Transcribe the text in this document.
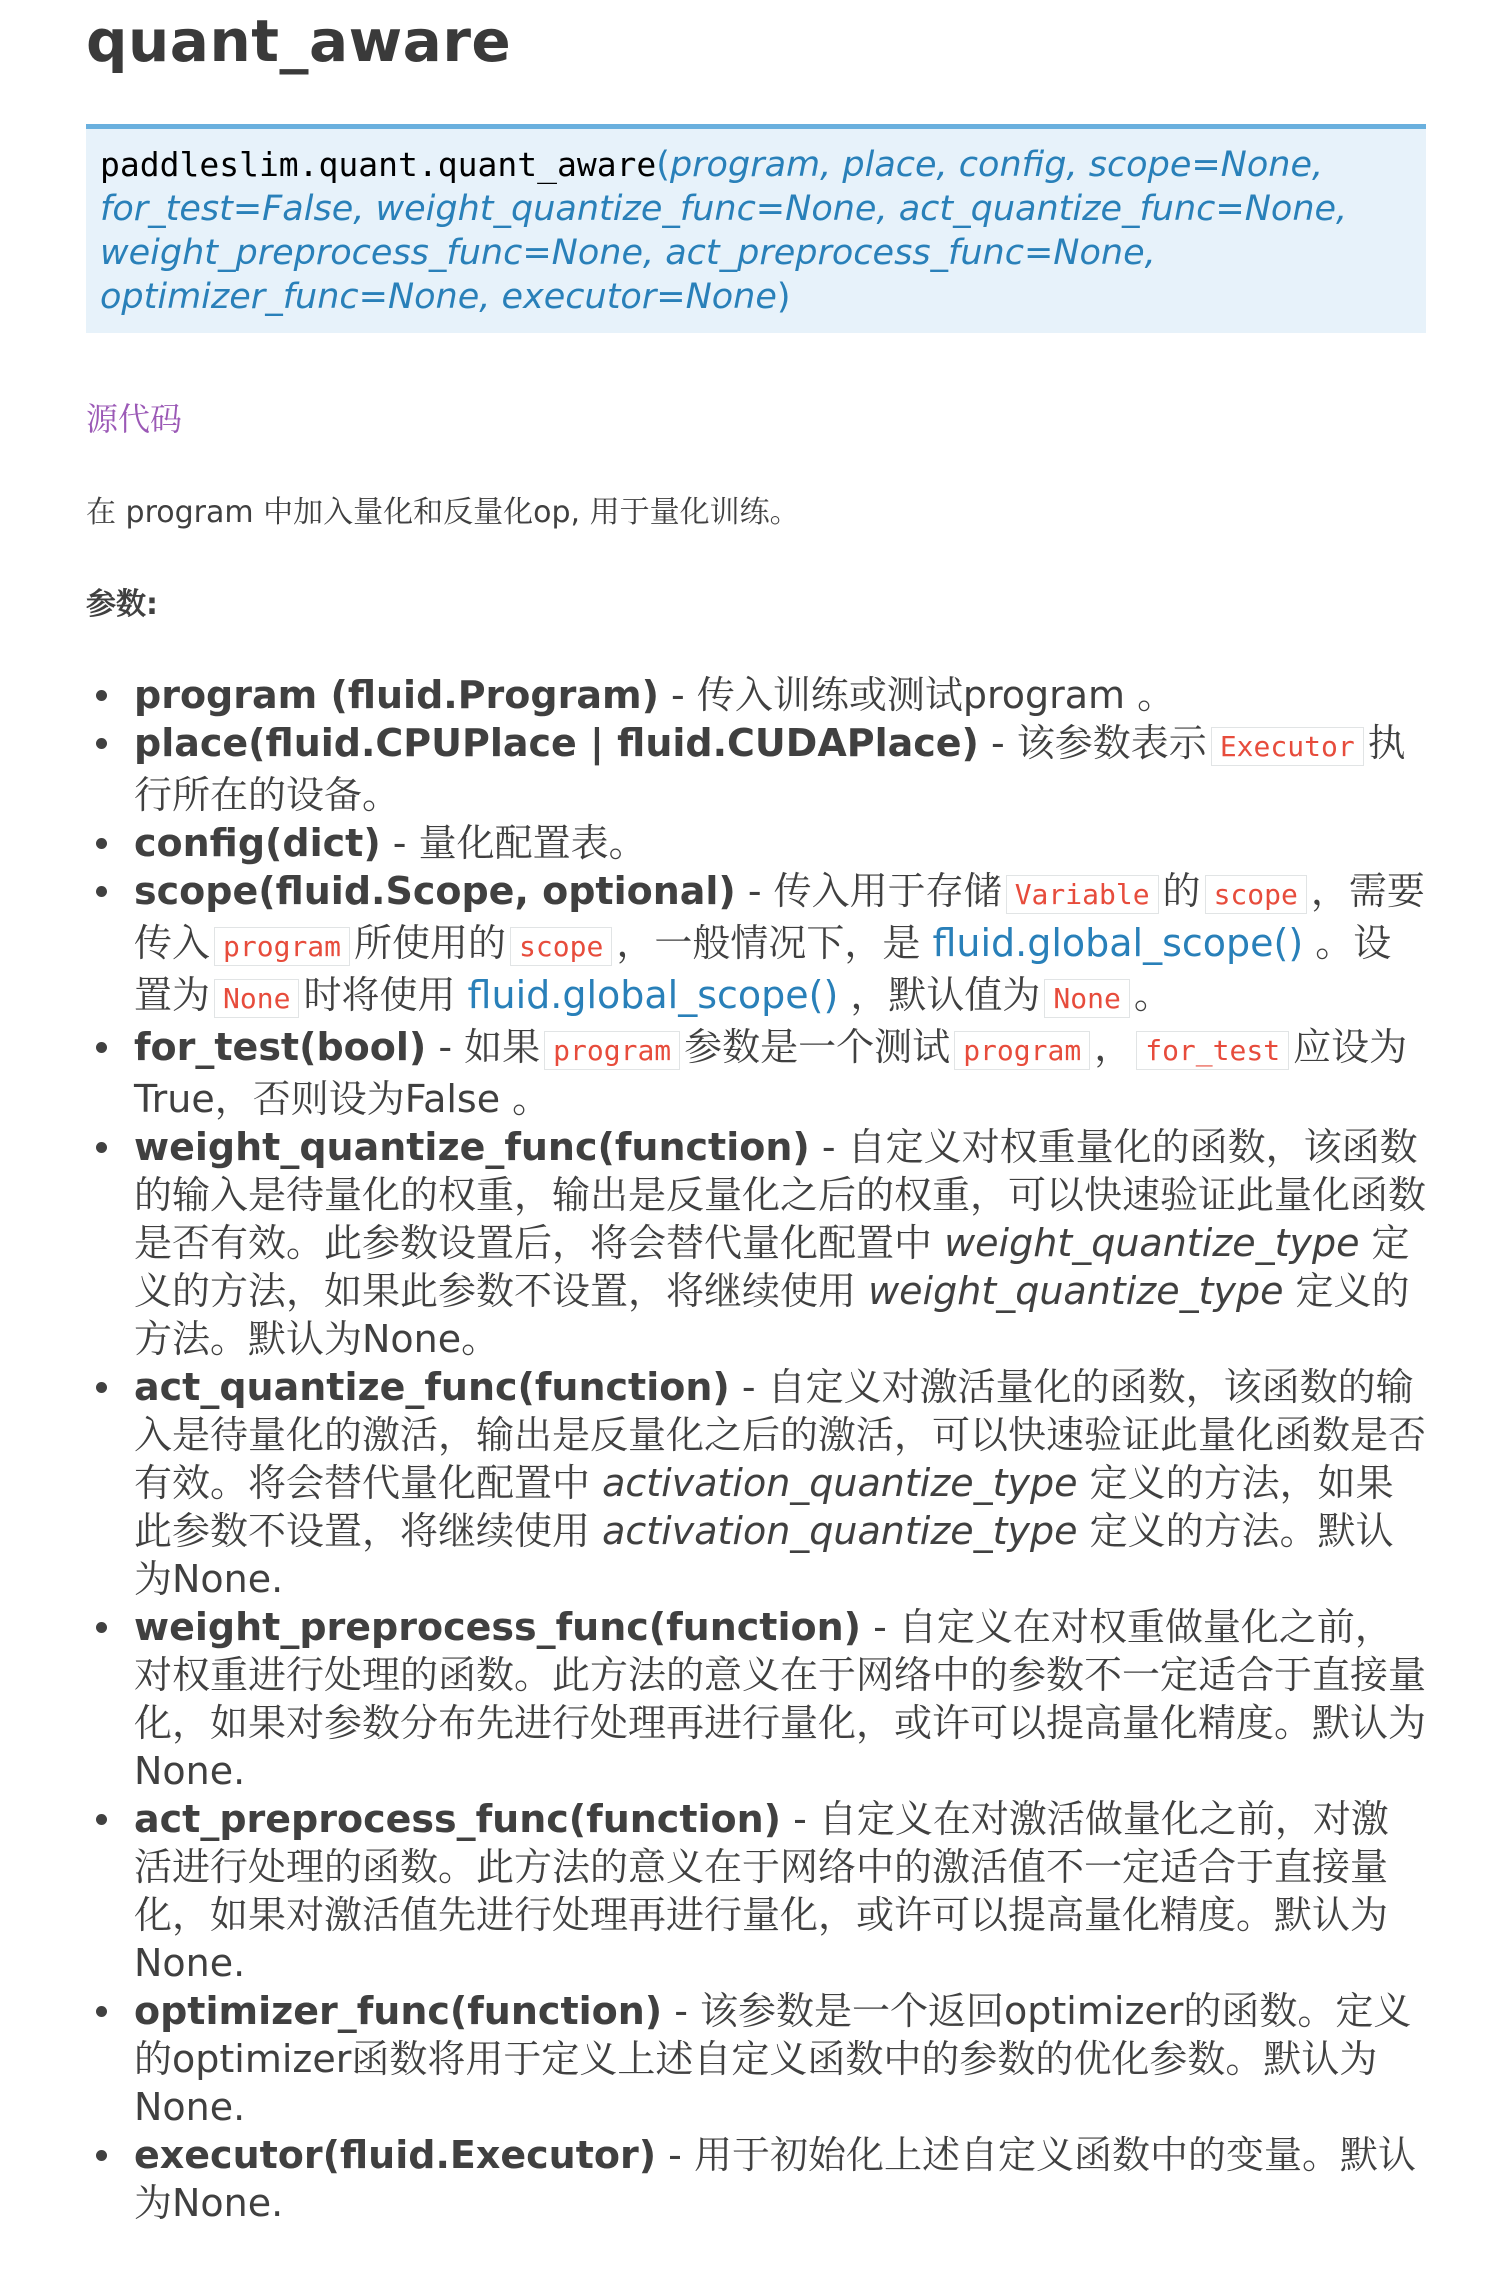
quant_aware
paddleslim.quant.quant_aware(program, place, config, scope=None, for_test=False, weight_quantize_func=None, act_quantize_func=None, weight_preprocess_func=None, act_preprocess_func=None, optimizer_func=None, executor=None)
源代码
在 program 中加入量化和反量化op, 用于量化训练。
参数:
program (fluid.Program) - 传入训练或测试program 。
place(fluid.CPUPlace | fluid.CUDAPlace) - 该参数表示 Executor 执行所在的设备。
config(dict) - 量化配置表。
scope(fluid.Scope, optional) - 传入用于存储 Variable 的 scope ，需要传入 program 所使用的 scope ，一般情况下，是 fluid.global_scope() 。设置为 None 时将使用 fluid.global_scope() ，默认值为 None 。
for_test(bool) - 如果 program 参数是一个测试 program ， for_test 应设为True，否则设为False 。
weight_quantize_func(function) - 自定义对权重量化的函数，该函数的输入是待量化的权重，输出是反量化之后的权重，可以快速验证此量化函数是否有效。此参数设置后，将会替代量化配置中 weight_quantize_type 定义的方法，如果此参数不设置，将继续使用 weight_quantize_type 定义的方法。默认为None。
act_quantize_func(function) - 自定义对激活量化的函数，该函数的输入是待量化的激活，输出是反量化之后的激活，可以快速验证此量化函数是否有效。将会替代量化配置中 activation_quantize_type 定义的方法，如果此参数不设置，将继续使用 activation_quantize_type 定义的方法。默认为None.
weight_preprocess_func(function) - 自定义在对权重做量化之前，对权重进行处理的函数。此方法的意义在于网络中的参数不一定适合于直接量化，如果对参数分布先进行处理再进行量化，或许可以提高量化精度。默认为None.
act_preprocess_func(function) - 自定义在对激活做量化之前，对激活进行处理的函数。此方法的意义在于网络中的激活值不一定适合于直接量化，如果对激活值先进行处理再进行量化，或许可以提高量化精度。默认为None.
optimizer_func(function) - 该参数是一个返回optimizer的函数。定义的optimizer函数将用于定义上述自定义函数中的参数的优化参数。默认为None.
executor(fluid.Executor) - 用于初始化上述自定义函数中的变量。默认为None.
